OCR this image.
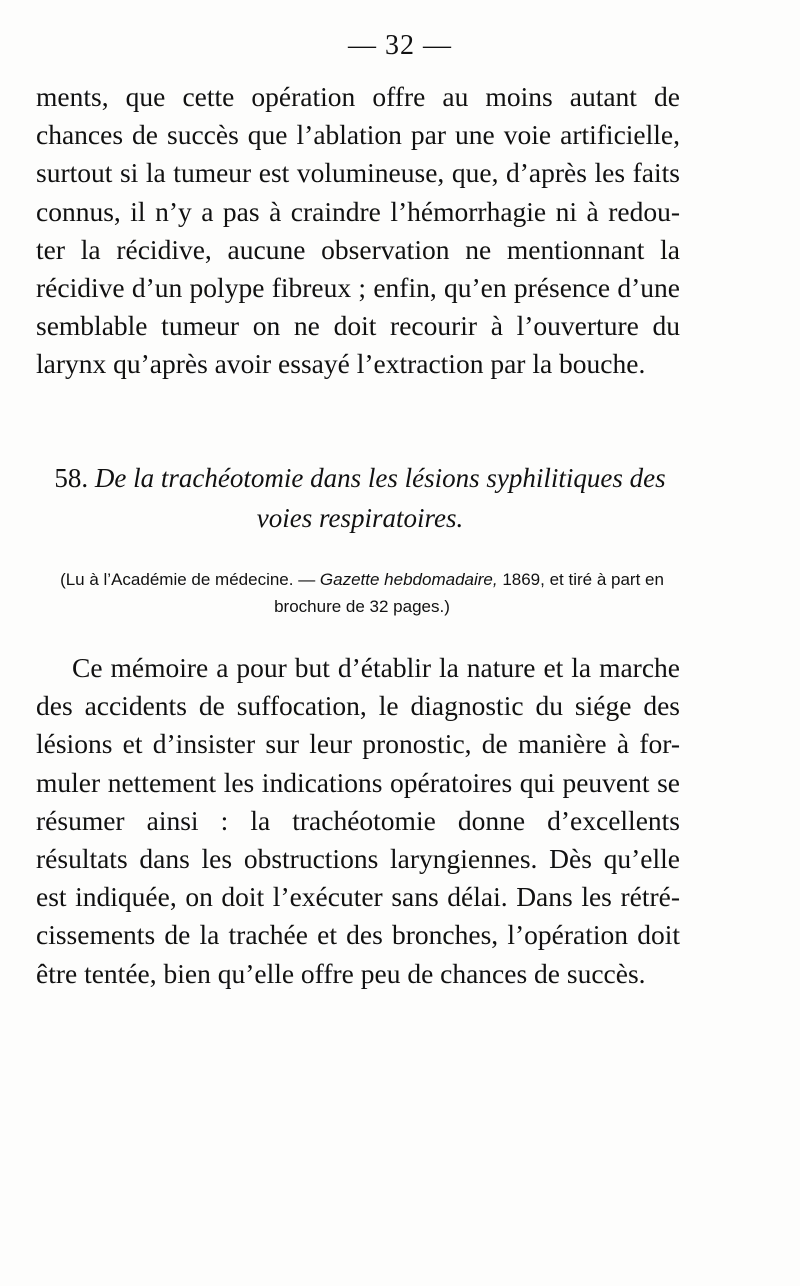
— 32 —

ments, que cette opération offre au moins autant de chances de succès que l’ablation par une voie artificielle, surtout si la tumeur est volumineuse, que, d’après les faits connus, il n’y a pas à craindre l’hémorrhagie ni à redou-ter la récidive, aucune observation ne mentionnant la récidive d’un polype fibreux ; enfin, qu’en présence d’une semblable tumeur on ne doit recourir à l’ouverture du larynx qu’après avoir essayé l’extraction par la bouche.

58. De la trachéotomie dans les lésions syphilitiques des voies respiratoires.
(Lu à l’Académie de médecine. — Gazette hebdomadaire, 1869, et tiré à part en brochure de 32 pages.)

Ce mémoire a pour but d’établir la nature et la marche des accidents de suffocation, le diagnostic du siége des lésions et d’insister sur leur pronostic, de manière à for-muler nettement les indications opératoires qui peuvent se résumer ainsi : la trachéotomie donne d’excellents résultats dans les obstructions laryngiennes. Dès qu’elle est indiquée, on doit l’exécuter sans délai. Dans les rétré-cissements de la trachée et des bronches, l’opération doit être tentée, bien qu’elle offre peu de chances de succès.
